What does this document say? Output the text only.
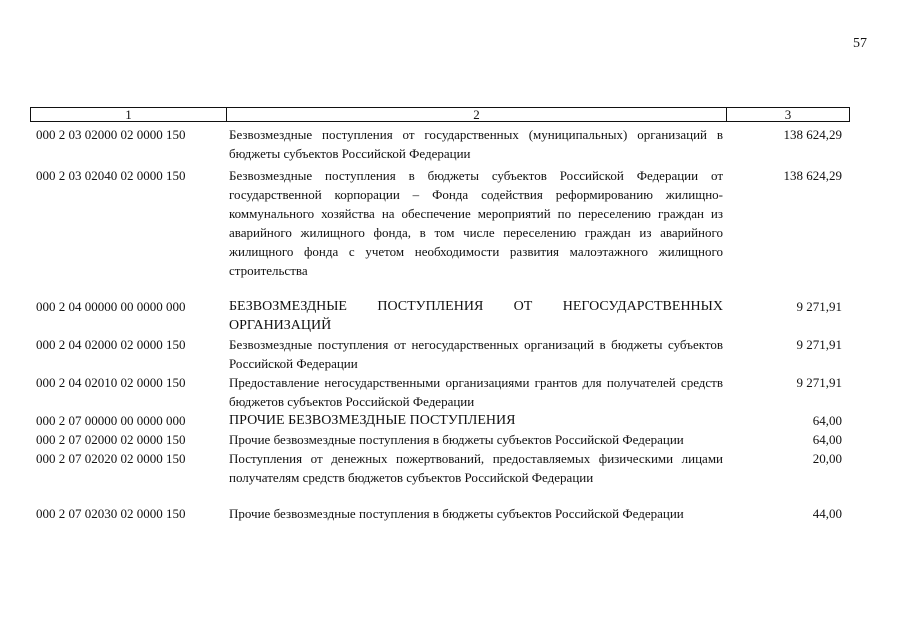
57
1	2	3
000 2 03 02000 02 0000 150	Безвозмездные поступления от государственных (муниципальных) организаций в бюджеты субъектов Российской Федерации
138 624,29
000 2 03 02040 02 0000 150	Безвозмездные поступления в бюджеты субъектов Российской Федерации от государственной корпорации – Фонда содействия реформированию жилищно-коммунального хозяйства на обеспечение мероприятий по переселению граждан из аварийного жилищного фонда, в том числе переселению граждан из аварийного жилищного фонда с учетом необходимости развития малоэтажного жилищного строительства
138 624,29
000 2 04 00000 00 0000 000	БЕЗВОЗМЕЗДНЫЕ ПОСТУПЛЕНИЯ ОТ НЕГОСУДАРСТВЕННЫХ ОРГАНИЗАЦИЙ
9 271,91
000 2 04 02000 02 0000 150	Безвозмездные поступления от негосударственных организаций в бюджеты субъектов Российской Федерации
9 271,91
000 2 04 02010 02 0000 150	Предоставление негосударственными организациями грантов для получателей средств бюджетов субъектов Российской Федерации
9 271,91
000 2 07 00000 00 0000 000	ПРОЧИЕ БЕЗВОЗМЕЗДНЫЕ ПОСТУПЛЕНИЯ	64,00
000 2 07 02000 02 0000 150	Прочие безвозмездные поступления в бюджеты субъектов Российской Федерации	64,00
000 2 07 02020 02 0000 150	Поступления от денежных пожертвований, предоставляемых физическими лицами получателям средств бюджетов субъектов Российской Федерации
20,00
000 2 07 02030 02 0000 150	Прочие безвозмездные поступления в бюджеты субъектов Российской Федерации	44,00
